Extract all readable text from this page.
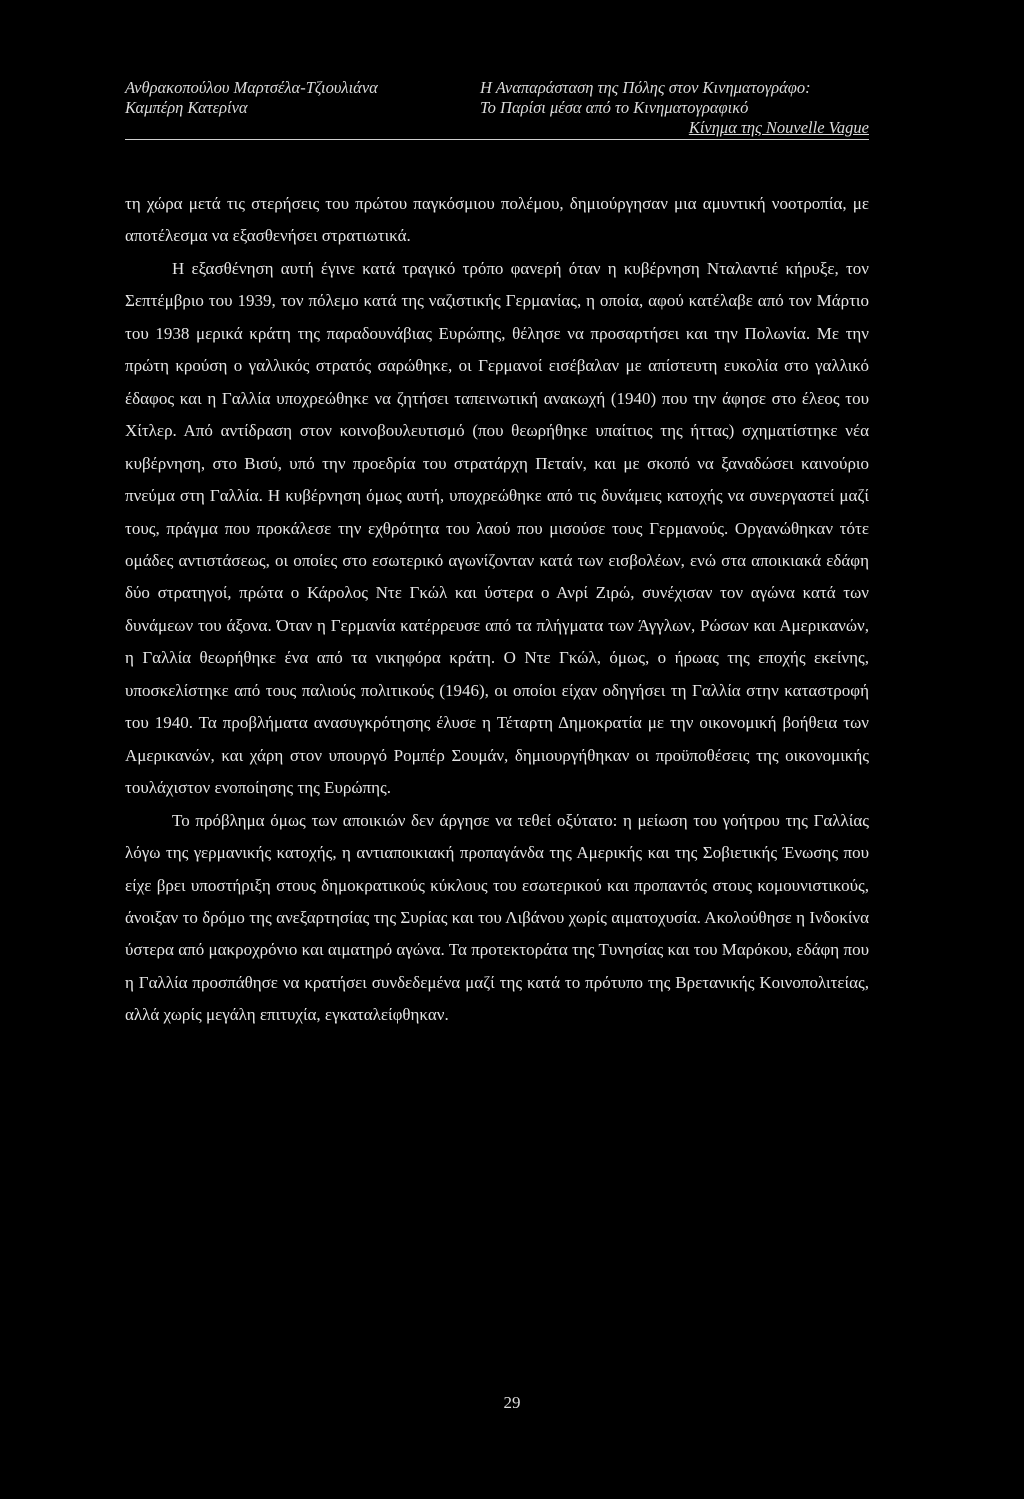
Ανθρακοπούλου Μαρτσέλα-Τζιουλιάνα
Καμπέρη Κατερίνα
Η Αναπαράσταση της Πόλης στον Κινηματογράφο:
Το Παρίσι μέσα από το Κινηματογραφικό
Κίνημα της Nouvelle Vague

τη χώρα μετά τις στερήσεις του πρώτου παγκόσμιου πολέμου, δημιούργησαν μια αμυντική νοοτροπία, με αποτέλεσμα να εξασθενήσει στρατιωτικά.

Η εξασθένηση αυτή έγινε κατά τραγικό τρόπο φανερή όταν η κυβέρνηση Νταλαντιέ κήρυξε, τον Σεπτέμβριο του 1939, τον πόλεμο κατά της ναζιστικής Γερμανίας, η οποία, αφού κατέλαβε από τον Μάρτιο του 1938 μερικά κράτη της παραδουνάβιας Ευρώπης, θέλησε να προσαρτήσει και την Πολωνία. Με την πρώτη κρούση ο γαλλικός στρατός σαρώθηκε, οι Γερμανοί εισέβαλαν με απίστευτη ευκολία στο γαλλικό έδαφος και η Γαλλία υποχρεώθηκε να ζητήσει ταπεινωτική ανακωχή (1940) που την άφησε στο έλεος του Χίτλερ. Από αντίδραση στον κοινοβουλευτισμό (που θεωρήθηκε υπαίτιος της ήττας) σχηματίστηκε νέα κυβέρνηση, στο Βισύ, υπό την προεδρία του στρατάρχη Πεταίν, και με σκοπό να ξαναδώσει καινούριο πνεύμα στη Γαλλία. Η κυβέρνηση όμως αυτή, υποχρεώθηκε από τις δυνάμεις κατοχής να συνεργαστεί μαζί τους, πράγμα που προκάλεσε την εχθρότητα του λαού που μισούσε τους Γερμανούς. Οργανώθηκαν τότε ομάδες αντιστάσεως, οι οποίες στο εσωτερικό αγωνίζονταν κατά των εισβολέων, ενώ στα αποικιακά εδάφη δύο στρατηγοί, πρώτα ο Κάρολος Ντε Γκώλ και ύστερα ο Ανρί Ζιρώ, συνέχισαν τον αγώνα κατά των δυνάμεων του άξονα. Όταν η Γερμανία κατέρρευσε από τα πλήγματα των Άγγλων, Ρώσων και Αμερικανών, η Γαλλία θεωρήθηκε ένα από τα νικηφόρα κράτη. Ο Ντε Γκώλ, όμως, ο ήρωας της εποχής εκείνης, υποσκελίστηκε από τους παλιούς πολιτικούς (1946), οι οποίοι είχαν οδηγήσει τη Γαλλία στην καταστροφή του 1940. Τα προβλήματα ανασυγκρότησης έλυσε η Τέταρτη Δημοκρατία με την οικονομική βοήθεια των Αμερικανών, και χάρη στον υπουργό Ρομπέρ Σουμάν, δημιουργήθηκαν οι προϋποθέσεις της οικονομικής τουλάχιστον ενοποίησης της Ευρώπης.

Το πρόβλημα όμως των αποικιών δεν άργησε να τεθεί οξύτατο: η μείωση του γοήτρου της Γαλλίας λόγω της γερμανικής κατοχής, η αντιαποικιακή προπαγάνδα της Αμερικής και της Σοβιετικής Ένωσης που είχε βρει υποστήριξη στους δημοκρατικούς κύκλους του εσωτερικού και προπαντός στους κομουνιστικούς, άνοιξαν το δρόμο της ανεξαρτησίας της Συρίας και του Λιβάνου χωρίς αιματοχυσία. Ακολούθησε η Ινδοκίνα ύστερα από μακροχρόνιο και αιματηρό αγώνα. Τα προτεκτοράτα της Τυνησίας και του Μαρόκου, εδάφη που η Γαλλία προσπάθησε να κρατήσει συνδεδεμένα μαζί της κατά το πρότυπο της Βρετανικής Κοινοπολιτείας, αλλά χωρίς μεγάλη επιτυχία, εγκαταλείφθηκαν.

29
